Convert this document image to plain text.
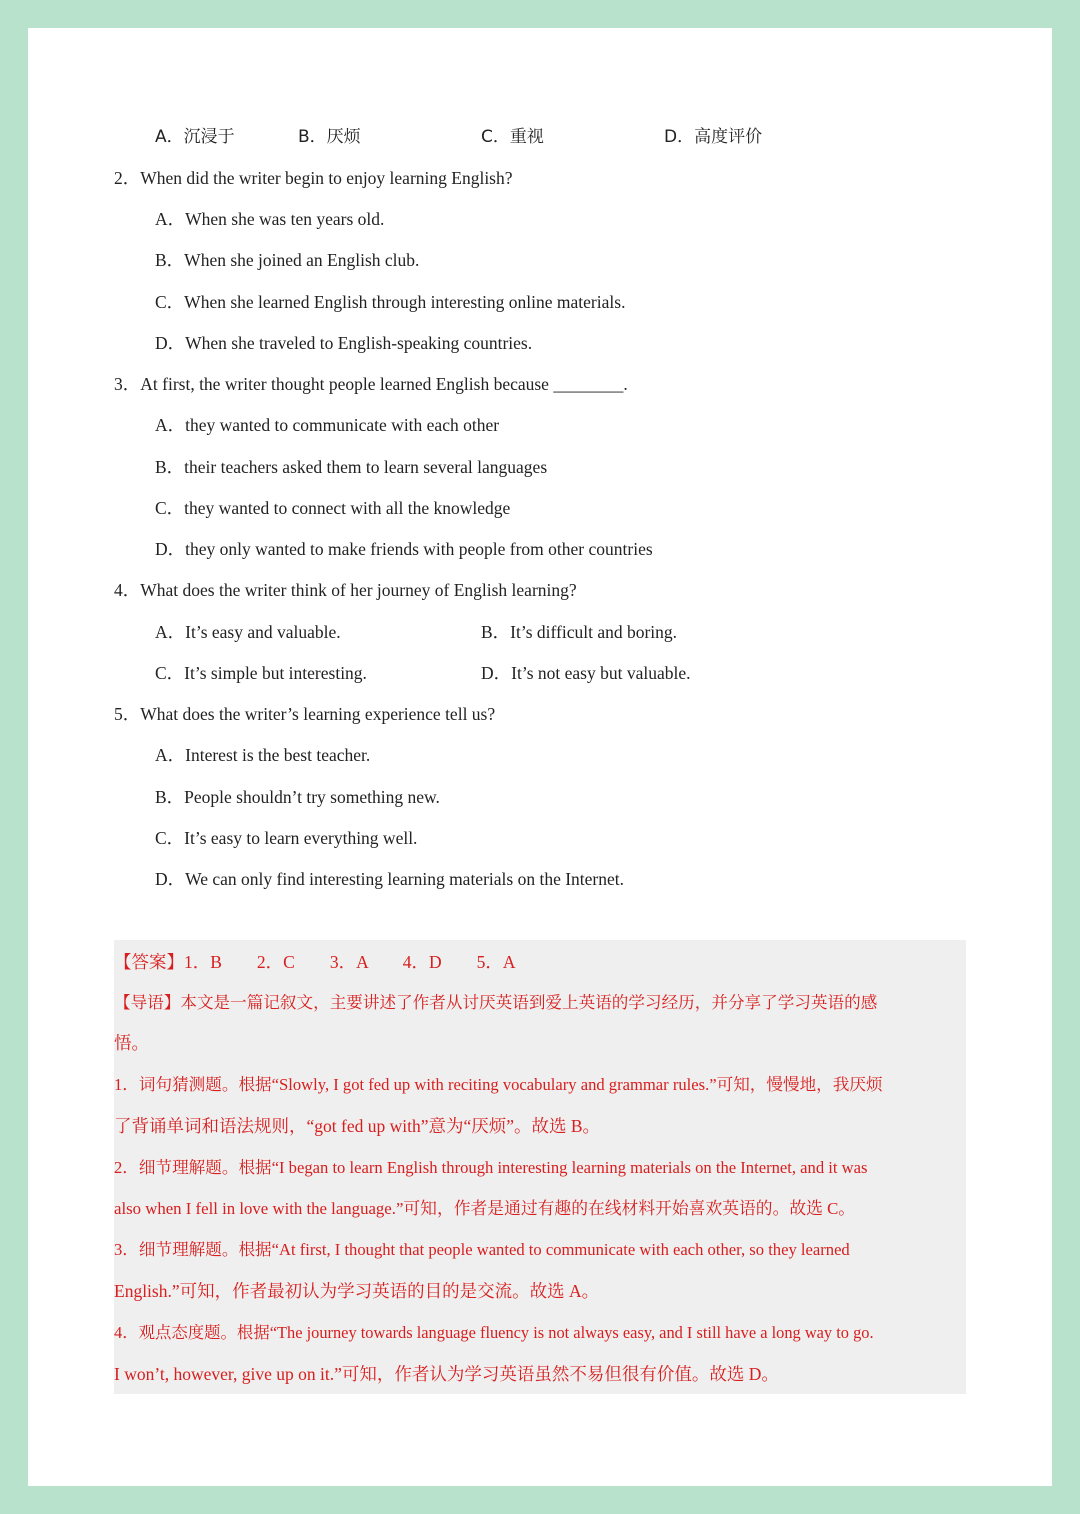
A．沉浸于	B．厌烦	C．重视	D．高度评价
2．When did the writer begin to enjoy learning English?
A．When she was ten years old.
B．When she joined an English club.
C．When she learned English through interesting online materials.
D．When she traveled to English-speaking countries.
3．At first, the writer thought people learned English because ________.
A．they wanted to communicate with each other
B．their teachers asked them to learn several languages
C．they wanted to connect with all the knowledge
D．they only wanted to make friends with people from other countries
4．What does the writer think of her journey of English learning?
A．It’s easy and valuable.	B．It’s difficult and boring.
C．It’s simple but interesting.	D．It’s not easy but valuable.
5．What does the writer’s learning experience tell us?
A．Interest is the best teacher.
B．People shouldn’t try something new.
C．It’s easy to learn everything well.
D．We can only find interesting learning materials on the Internet.
【答案】1．B　　2．C　　3．A　　4．D　　5．A
【导语】本文是一篇记叙文，主要讲述了作者从讨厌英语到爱上英语的学习经历，并分享了学习英语的感
悟。
1．词句猜测题。根据“Slowly, I got fed up with reciting vocabulary and grammar rules.”可知，慢慢地，我厌烦
了背诵单词和语法规则，“got fed up with”意为“厌烦”。故选 B。
2．细节理解题。根据“I began to learn English through interesting learning materials on the Internet, and it was
also when I fell in love with the language.”可知，作者是通过有趣的在线材料开始喜欢英语的。故选 C。
3．细节理解题。根据“At first, I thought that people wanted to communicate with each other, so they learned
English.”可知，作者最初认为学习英语的目的是交流。故选 A。
4．观点态度题。根据“The journey towards language fluency is not always easy, and I still have a long way to go.
I won’t, however, give up on it.”可知，作者认为学习英语虽然不易但很有价值。故选 D。
